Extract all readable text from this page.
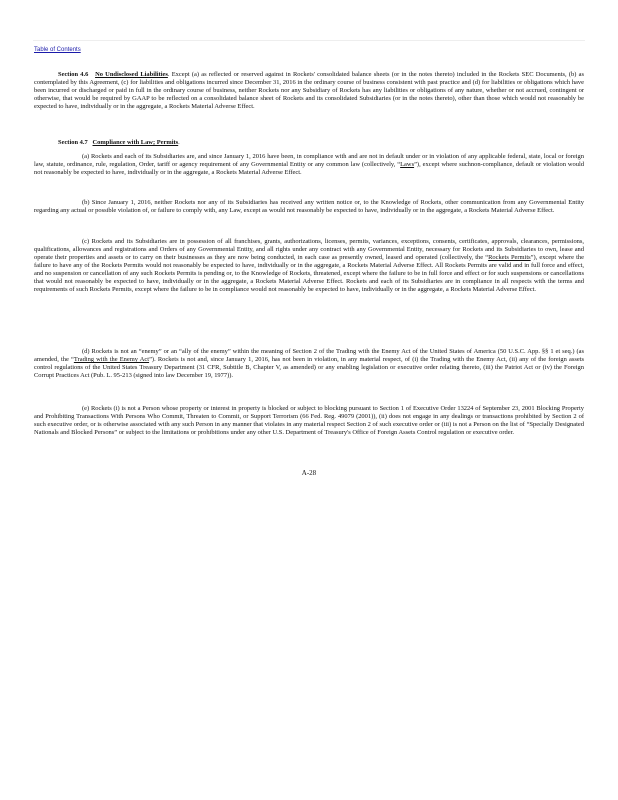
Table of Contents
Section 4.6 No Undisclosed Liabilities. Except (a) as reflected or reserved against in Rockets' consolidated balance sheets (or in the notes thereto) included in the Rockets SEC Documents, (b) as contemplated by this Agreement, (c) for liabilities and obligations incurred since December 31, 2016 in the ordinary course of business consistent with past practice and (d) for liabilities or obligations which have been incurred or discharged or paid in full in the ordinary course of business, neither Rockets nor any Subsidiary of Rockets has any liabilities or obligations of any nature, whether or not accrued, contingent or otherwise, that would be required by GAAP to be reflected on a consolidated balance sheet of Rockets and its consolidated Subsidiaries (or in the notes thereto), other than those which would not reasonably be expected to have, individually or in the aggregate, a Rockets Material Adverse Effect.
Section 4.7 Compliance with Law; Permits.
(a) Rockets and each of its Subsidiaries are, and since January 1, 2016 have been, in compliance with and are not in default under or in violation of any applicable federal, state, local or foreign law, statute, ordinance, rule, regulation, Order, tariff or agency requirement of any Governmental Entity or any common law (collectively, “Laws”), except where suchnon-compliance, default or violation would not reasonably be expected to have, individually or in the aggregate, a Rockets Material Adverse Effect.
(b) Since January 1, 2016, neither Rockets nor any of its Subsidiaries has received any written notice or, to the Knowledge of Rockets, other communication from any Governmental Entity regarding any actual or possible violation of, or failure to comply with, any Law, except as would not reasonably be expected to have, individually or in the aggregate, a Rockets Material Adverse Effect.
(c) Rockets and its Subsidiaries are in possession of all franchises, grants, authorizations, licenses, permits, variances, exceptions, consents, certificates, approvals, clearances, permissions, qualifications, allowances and registrations and Orders of any Governmental Entity, and all rights under any contract with any Governmental Entity, necessary for Rockets and its Subsidiaries to own, lease and operate their properties and assets or to carry on their businesses as they are now being conducted, in each case as presently owned, leased and operated (collectively, the “Rockets Permits”), except where the failure to have any of the Rockets Permits would not reasonably be expected to have, individually or in the aggregate, a Rockets Material Adverse Effect. All Rockets Permits are valid and in full force and effect, and no suspension or cancellation of any such Rockets Permits is pending or, to the Knowledge of Rockets, threatened, except where the failure to be in full force and effect or for such suspensions or cancellations that would not reasonably be expected to have, individually or in the aggregate, a Rockets Material Adverse Effect. Rockets and each of its Subsidiaries are in compliance in all respects with the terms and requirements of such Rockets Permits, except where the failure to be in compliance would not reasonably be expected to have, individually or in the aggregate, a Rockets Material Adverse Effect.
(d) Rockets is not an “enemy” or an “ally of the enemy” within the meaning of Section 2 of the Trading with the Enemy Act of the United States of America (50 U.S.C. App. §§ 1 et seq.) (as amended, the “Trading with the Enemy Act”). Rockets is not and, since January 1, 2016, has not been in violation, in any material respect, of (i) the Trading with the Enemy Act, (ii) any of the foreign assets control regulations of the United States Treasury Department (31 CFR, Subtitle B, Chapter V, as amended) or any enabling legislation or executive order relating thereto, (iii) the Patriot Act or (iv) the Foreign Corrupt Practices Act (Pub. L. 95-213 (signed into law December 19, 1977)).
(e) Rockets (i) is not a Person whose property or interest in property is blocked or subject to blocking pursuant to Section 1 of Executive Order 13224 of September 23, 2001 Blocking Property and Prohibiting Transactions With Persons Who Commit, Threaten to Commit, or Support Terrorism (66 Fed. Reg. 49079 (2001)), (ii) does not engage in any dealings or transactions prohibited by Section 2 of such executive order, or is otherwise associated with any such Person in any manner that violates in any material respect Section 2 of such executive order or (iii) is not a Person on the list of “Specially Designated Nationals and Blocked Persons” or subject to the limitations or prohibitions under any other U.S. Department of Treasury's Office of Foreign Assets Control regulation or executive order.
A-28
